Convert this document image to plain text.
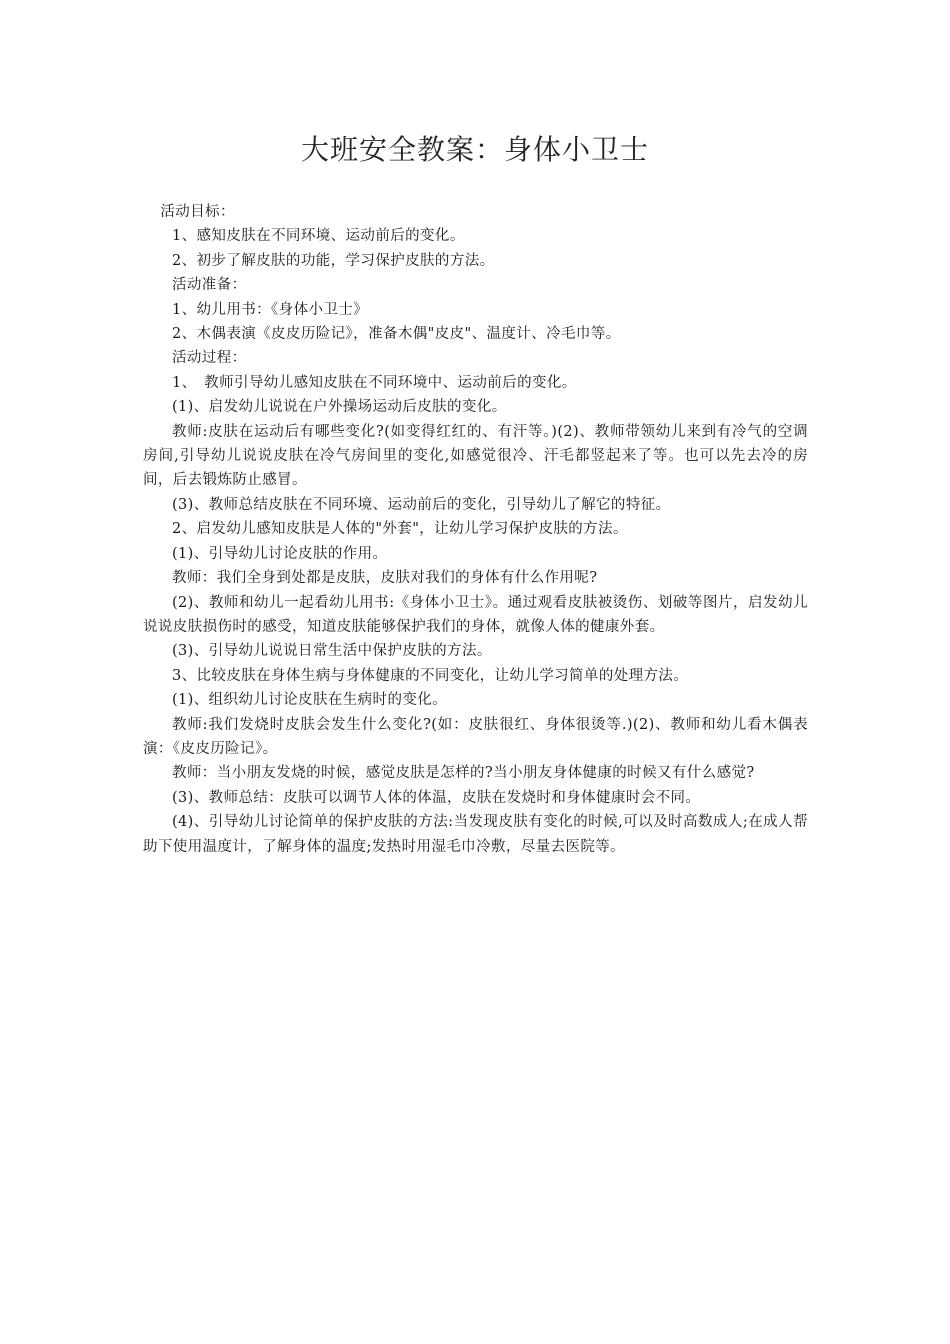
大班安全教案：身体小卫士

活动目标：

1、感知皮肤在不同环境、运动前后的变化。

2、初步了解皮肤的功能，学习保护皮肤的方法。

活动准备：

1、幼儿用书：《身体小卫士》

2、木偶表演《皮皮历险记》，准备木偶"皮皮"、温度计、冷毛巾等。

活动过程：

1、　教师引导幼儿感知皮肤在不同环境中、运动前后的变化。

(1)、启发幼儿说说在户外操场运动后皮肤的变化。

教师:皮肤在运动后有哪些变化?(如变得红红的、有汗等。)(2)、教师带领幼儿来到有冷气的空调房间,引导幼儿说说皮肤在冷气房间里的变化,如感觉很冷、汗毛都竖起来了等。也可以先去冷的房间，后去锻炼防止感冒。

(3)、教师总结皮肤在不同环境、运动前后的变化，引导幼儿了解它的特征。

2、启发幼儿感知皮肤是人体的"外套"，让幼儿学习保护皮肤的方法。

(1)、引导幼儿讨论皮肤的作用。

教师：我们全身到处都是皮肤，皮肤对我们的身体有什么作用呢?

(2)、教师和幼儿一起看幼儿用书:《身体小卫士》。通过观看皮肤被烫伤、划破等图片，启发幼儿说说皮肤损伤时的感受，知道皮肤能够保护我们的身体，就像人体的健康外套。

(3)、引导幼儿说说日常生活中保护皮肤的方法。

3、比较皮肤在身体生病与身体健康的不同变化，让幼儿学习简单的处理方法。

(1)、组织幼儿讨论皮肤在生病时的变化。

教师:我们发烧时皮肤会发生什么变化?(如：皮肤很红、身体很烫等.)(2)、教师和幼儿看木偶表演：《皮皮历险记》。

教师：当小朋友发烧的时候，感觉皮肤是怎样的?当小朋友身体健康的时候又有什么感觉?

(3)、教师总结：皮肤可以调节人体的体温，皮肤在发烧时和身体健康时会不同。

(4)、引导幼儿讨论简单的保护皮肤的方法:当发现皮肤有变化的时候,可以及时高数成人;在成人帮助下使用温度计，了解身体的温度;发热时用湿毛巾冷敷，尽量去医院等。
